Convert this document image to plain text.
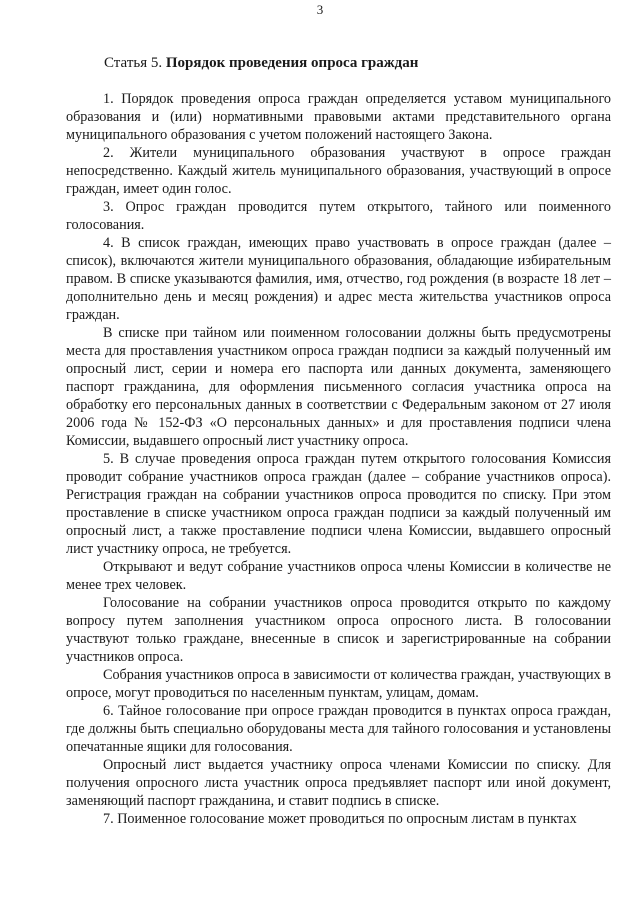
3
Статья 5. Порядок проведения опроса граждан

1. Порядок проведения опроса граждан определяется уставом муниципального образования и (или) нормативными правовыми актами представительного органа муниципального образования с учетом положений настоящего Закона.

2. Жители муниципального образования участвуют в опросе граждан непосредственно. Каждый житель муниципального образования, участвующий в опросе граждан, имеет один голос.

3. Опрос граждан проводится путем открытого, тайного или поименного голосования.

4. В список граждан, имеющих право участвовать в опросе граждан (далее – список), включаются жители муниципального образования, обладающие избирательным правом. В списке указываются фамилия, имя, отчество, год рождения (в возрасте 18 лет – дополнительно день и месяц рождения) и адрес места жительства участников опроса граждан.

В списке при тайном или поименном голосовании должны быть предусмотрены места для проставления участником опроса граждан подписи за каждый полученный им опросный лист, серии и номера его паспорта или данных документа, заменяющего паспорт гражданина, для оформления письменного согласия участника опроса на обработку его персональных данных в соответствии с Федеральным законом от 27 июля 2006 года № 152-ФЗ «О персональных данных» и для проставления подписи члена Комиссии, выдавшего опросный лист участнику опроса.

5. В случае проведения опроса граждан путем открытого голосования Комиссия проводит собрание участников опроса граждан (далее – собрание участников опроса). Регистрация граждан на собрании участников опроса проводится по списку. При этом проставление в списке участником опроса граждан подписи за каждый полученный им опросный лист, а также проставление подписи члена Комиссии, выдавшего опросный лист участнику опроса, не требуется.

Открывают и ведут собрание участников опроса члены Комиссии в количестве не менее трех человек.

Голосование на собрании участников опроса проводится открыто по каждому вопросу путем заполнения участником опроса опросного листа. В голосовании участвуют только граждане, внесенные в список и зарегистрированные на собрании участников опроса.

Собрания участников опроса в зависимости от количества граждан, участвующих в опросе, могут проводиться по населенным пунктам, улицам, домам.

6. Тайное голосование при опросе граждан проводится в пунктах опроса граждан, где должны быть специально оборудованы места для тайного голосования и установлены опечатанные ящики для голосования.

Опросный лист выдается участнику опроса членами Комиссии по списку. Для получения опросного листа участник опроса предъявляет паспорт или иной документ, заменяющий паспорт гражданина, и ставит подпись в списке.

7. Поименное голосование может проводиться по опросным листам в пунктах
